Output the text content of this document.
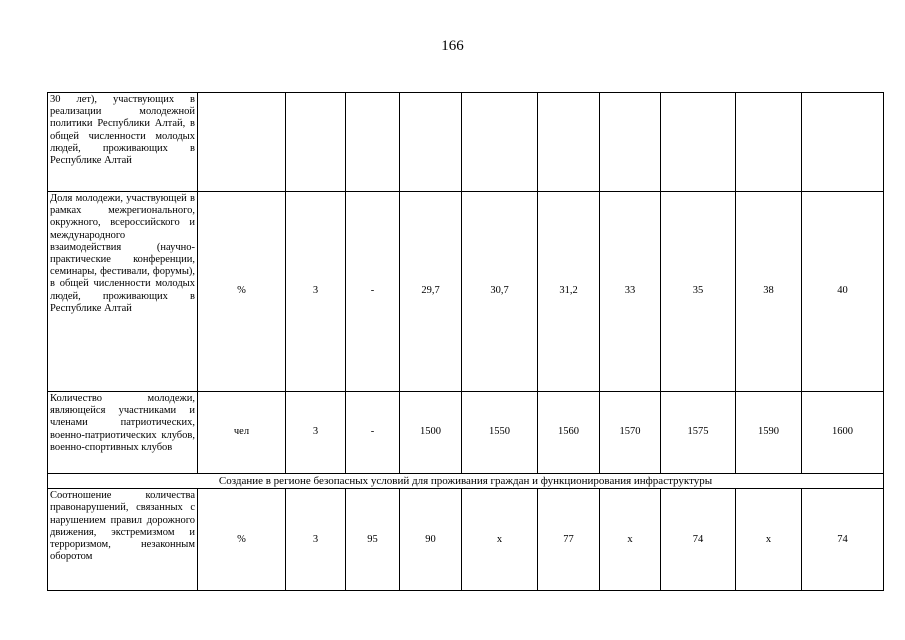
166
30 лет), участвующих в реализации молодежной политики Республики Алтай, в общей численности молодых людей, проживающих в Республике Алтай										
Доля молодежи, участвующей в рамках межрегионального, окружного, всероссийского и международного взаимодействия (научно-практические конференции, семинары, фестивали, форумы), в общей численности молодых людей, проживающих в Республике Алтай	%	3	-	29,7	30,7	31,2	33	35	38	40
Количество молодежи, являющейся участниками и членами патриотических, военно-патриотических клубов, военно-спортивных клубов	чел	3	-	1500	1550	1560	1570	1575	1590	1600
Создание в регионе безопасных условий для проживания граждан и функционирования инфраструктуры										
Соотношение количества правонарушений, связанных с нарушением правил дорожного движения, экстремизмом и терроризмом, незаконным оборотом	%	3	95	90	x	77	x	74	x	74
